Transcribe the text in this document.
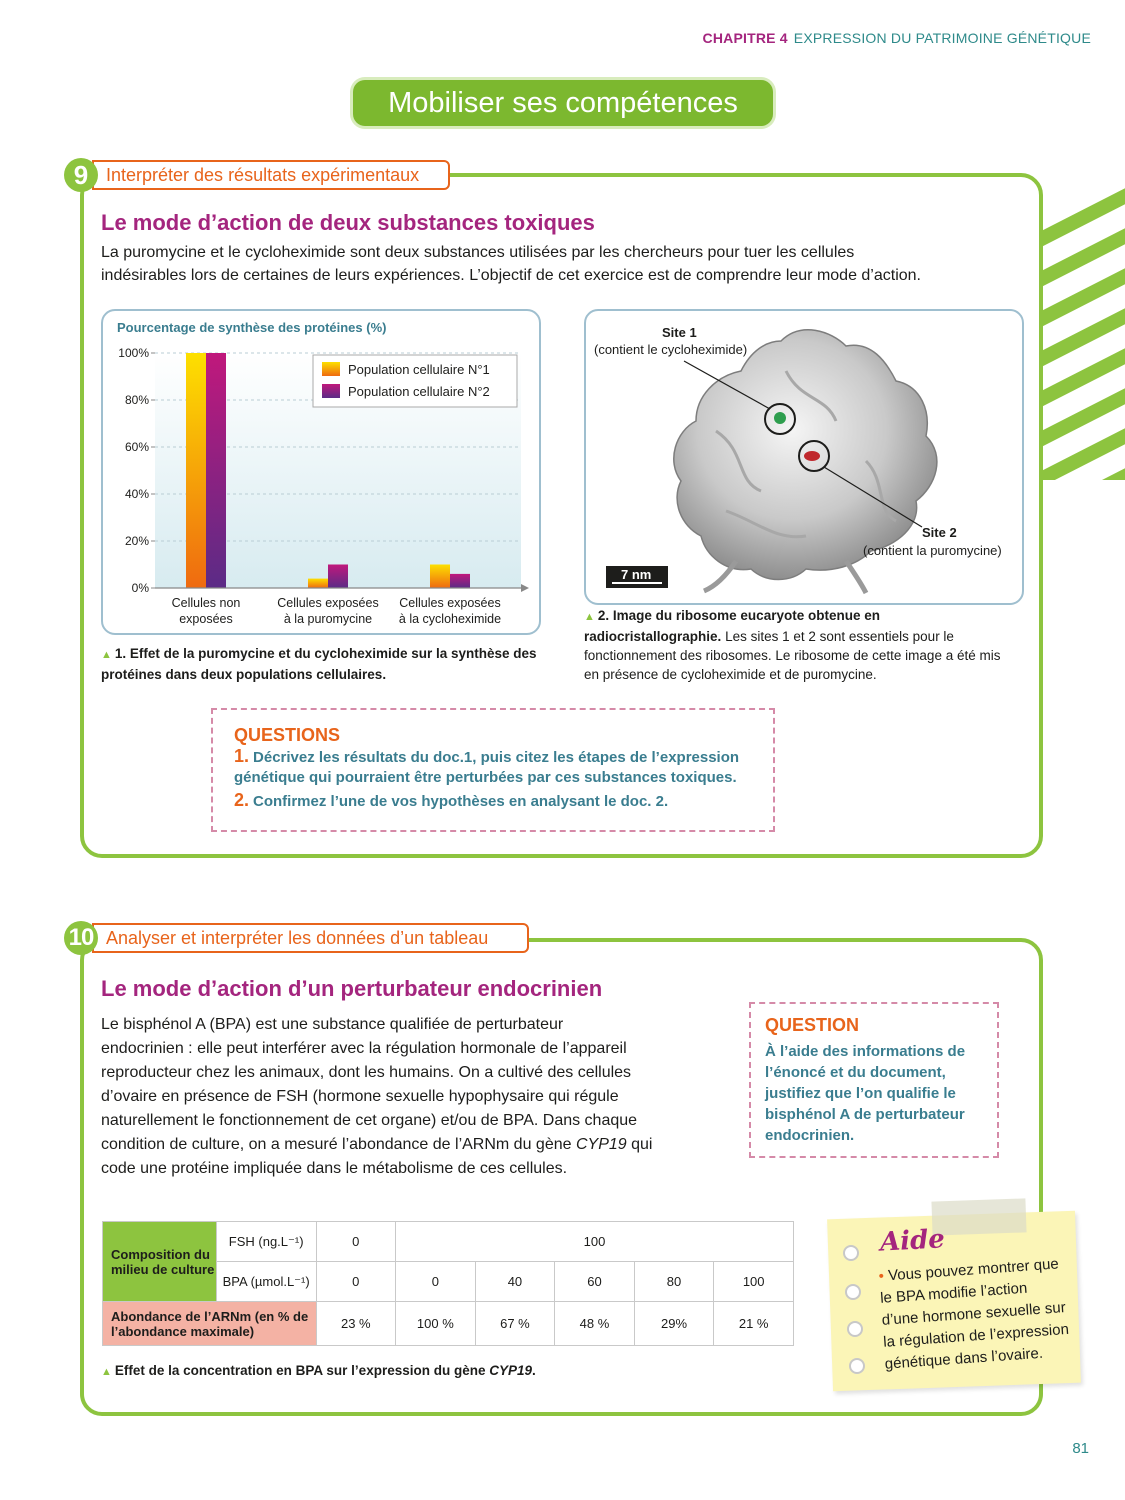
CHAPITRE 4 EXPRESSION DU PATRIMOINE GÉNÉTIQUE
Mobiliser ses compétences
Interpréter des résultats expérimentaux
9
Le mode d’action de deux substances toxiques
La puromycine et le cycloheximide sont deux substances utilisées par les chercheurs pour tuer les cellules
indésirables lors de certaines de leurs expériences. L’objectif de cet exercice est de comprendre leur mode d’action.
0%
20%
40%
60%
80%
100%
Cellules non
exposées
Cellules exposées
à la puromycine
Cellules exposées
à la cycloheximide
Pourcentage de synthèse des protéines (%)
Population cellulaire N°1
Population cellulaire N°2
▲ 1. Effet de la puromycine et du cycloheximide sur la synthèse des protéines dans deux populations cellulaires.
Site 1
(contient le cycloheximide)
Site 2
(contient la puromycine)
7 nm
▲ 2. Image du ribosome eucaryote obtenue en radiocristallographie. Les sites 1 et 2 sont essentiels pour le fonctionnement des ribosomes. Le ribosome de cette image a été mis en présence de cycloheximide et de puromycine.
QUESTIONS
1. Décrivez les résultats du doc.1, puis citez les étapes de l’expression génétique qui pourraient être perturbées par ces substances toxiques.
2. Confirmez l’une de vos hypothèses en analysant le doc. 2.
Analyser et interpréter les données d’un tableau
10
Le mode d’action d’un perturbateur endocrinien
Le bisphénol A (BPA) est une substance qualifiée de perturbateur
endocrinien : elle peut interférer avec la régulation hormonale de l’appareil
reproducteur chez les animaux, dont les humains. On a cultivé des cellules
d’ovaire en présence de FSH (hormone sexuelle hypophysaire qui régule
naturellement le fonctionnement de cet organe) et/ou de BPA. Dans chaque
condition de culture, on a mesuré l’abondance de l’ARNm du gène CYP19 qui
code une protéine impliquée dans le métabolisme de ces cellules.
QUESTION
À l’aide des informations de l’énoncé et du document, justifiez que l’on qualifie le bisphénol A de perturbateur endocrinien.
Composition du milieu de culture	FSH (ng.L⁻¹)	0	100				
	BPA (µmol.L⁻¹)	0	0	40	60	80	100
Abondance de l’ARNm (en % de l’abondance maximale)		23 %	100 %	67 %	48 %	29%	21 %
▲ Effet de la concentration en BPA sur l’expression du gène CYP19.
Aide
• Vous pouvez montrer que le BPA modifie l’action d’une hormone sexuelle sur la régulation de l’expression génétique dans l’ovaire.
81
